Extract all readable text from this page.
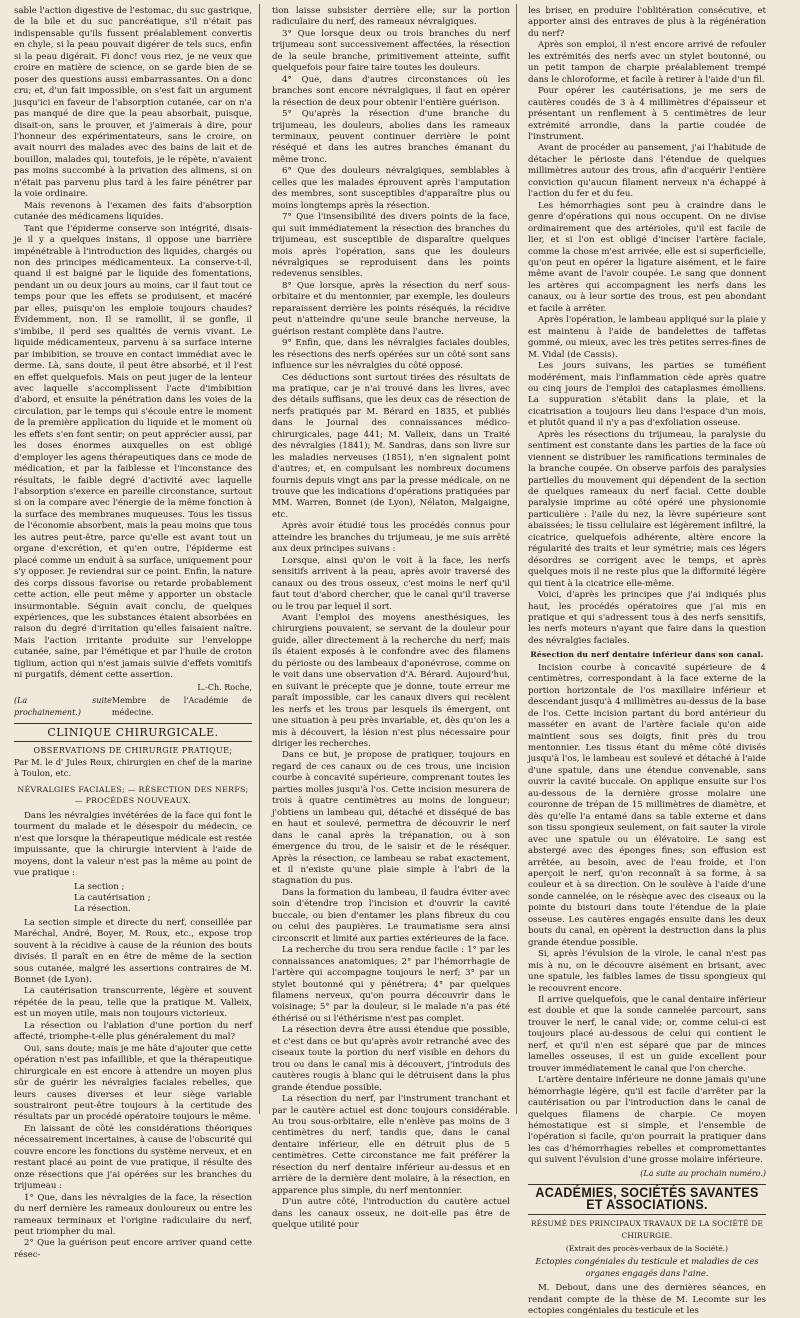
sable l'action digestive de l'estomac, du suc gastrique, de la bile et du suc pancréatique, s'il n'était pas indispensable qu'ils fussent préalablement convertis en chyle, si la peau pouvait digérer de tels sucs, enfin si la peau digérait. Fi donc! vous riez, je ne veux que croire en matière de science, on se garde bien de se poser des questions aussi embarrassantes. On a donc cru; et, d'un fait impossible, on s'est fait un argument jusqu'ici en faveur de l'absorption cutanée, car on n'a pas manqué de dire que la peau absorbait, puisque, disait-on, sans le prouver, et j'aimerais à dire, pour l'honneur des expérimentateurs, sans le croire, on avait nourri des malades avec des bains de lait et de bouillon, malades qui, toutefois, je le répète, n'avaient pas moins succombé à la privation des alimens, si on n'était pas parvenu plus tard à les faire pénétrer par la voie ordinaire.

Mais revenons à l'examen des faits d'absorption cutanée des médicamens liquides.

Tant que l'épiderme conserve son intégrité, disais-je il y a quelques instans, il oppose une barrière impénétrable à l'introduction des liquides, chargés ou non des principes médicamenteux. La conserve-t-il, quand il est baigné par le liquide des fomentations, pendant un ou deux jours au moins, car il faut tout ce temps pour que les effets se produisent, et macéré par elles, puisqu'on les emploie toujours chaudes? Évidemment, non. Il se ramollit, il se gonfle, il s'imbibe, il perd ses qualités de vernis vivant. Le liquide médicamenteux, parvenu à sa surface interne par imbibition, se trouve en contact immédiat avec le derme. Là, sans doute, il peut être absorbé, et il l'est en effet quelquefois. Mais on peut juger de la lenteur avec laquelle s'accomplissent l'acte d'imbibition d'abord, et ensuite la pénétration dans les voies de la circulation, par le temps qui s'écoule entre le moment de la première application du liquide et le moment où les effets s'en font sentir; on peut apprécier aussi, par les doses énormes auxquelles on est obligé d'employer les agens thérapeutiques dans ce mode de médication, et par la faiblesse et l'inconstance des résultats, le faible degré d'activité avec laquelle l'absorption s'exerce en pareille circonstance, surtout si on la compare avec l'énergie de la même fonction à la surface des membranes muqueuses. Tous les tissus de l'économie absorbent, mais la peau moins que tous les autres peut-être, parce qu'elle est avant tout un organe d'excrétion, et qu'en outre, l'épiderme est placé comme un enduit à sa surface, uniquement pour s'y opposer. Je reviendrai sur ce point. Enfin, la nature des corps dissous favorise ou retarde probablement cette action, elle peut même y apporter un obstacle insurmontable. Séguin avait conclu, de quelques expériences, que les substances étaient absorbées en raison du degré d'irritation qu'elles faisaient naître. Mais l'action irritante produite sur l'enveloppe cutanée, saine, par l'émétique et par l'huile de croton tiglium, action qui n'est jamais suivie d'effets vomitifs ni purgatifs, dément cette assertion.

L.-Ch. Roche,
(La suite prochainement.)
Membre de l'Académie de médecine.
CLINIQUE CHIRURGICALE.
OBSERVATIONS DE CHIRURGIE PRATIQUE;
Par M. le d' Jules Roux, chirurgien en chef de la marine à Toulon, etc.
NÉVRALGIES FACIALES; — RÉSECTION DES NERFS; — PROCÉDÉS NOUVEAUX.

Dans les névralgies invétérées de la face qui font le tourment du malade et le désespoir du médecin, ce n'est que lorsque la thérapeutique médicale est restée impuissante, que la chirurgie intervient à l'aide de moyens, dont la valeur n'est pas la même au point de vue pratique :

La section ;
La cautérisation ;
La résection.

La section simple et directe du nerf, conseillée par Maréchal, André, Boyer, M. Roux, etc., expose trop souvent à la récidive à cause de la réunion des bouts divisés. Il paraît en en être de même de la section sous cutanée, malgré les assertions contraires de M. Bonnet (de Lyon).

La cautérisation transcurrente, légère et souvent répétée de la peau, telle que la pratique M. Valleix, est un moyen utile, mais non toujours victorieux.

La résection ou l'ablation d'une portion du nerf affecté, triomphe-t-elle plus généralement du mal?

Oui, sans doute; mais je me hâte d'ajouter que cette opération n'est pas infaillible, et que la thérapeutique chirurgicale en est encore à attendre un moyen plus sûr de guérir les névralgies faciales rebelles, que leurs causes diverses et leur siège variable soustrairont peut-être toujours à la certitude des résultats par un procédé opératoire toujours le même.

En laissant de côté les considérations théoriques nécessairement incertaines, à cause de l'obscurité qui couvre encore les fonctions du système nerveux, et en restant placé au point de vue pratique, il résulte des onze résections que j'ai opérées sur les branches du trijumeau :

1° Que, dans les névralgies de la face, la résection du nerf dernière les rameaux douloureux ou entre les rameaux terminaux et l'origine radiculaire du nerf, peut triompher du mal.

2° Que la guérison peut encore arriver quand cette résec-

tion laisse subsister derrière elle; sur la portion radiculaire du nerf, des rameaux névralgiques.

3° Que lorsque deux ou trois branches du nerf trijumeau sont successivement affectées, la résection de la seule branche, primitivement atteinte, suffit quelquefois pour faire taire toutes les douleurs.

4° Que, dans d'autres circonstances où les branches sont encore névralgiques, il faut en opérer la résection de deux pour obtenir l'entière guérison.

5° Qu'après la résection d'une branche du trijumeau, les douleurs, abolies dans les rameaux terminaux, peuvent continuer derrière le point réséqué et dans les autres branches émanant du même tronc.

6° Que des douleurs névralgiques, semblables à celles que les malades éprouvent après l'amputation des membres, sont susceptibles d'apparaître plus ou moins longtemps après la résection.

7° Que l'insensibilité des divers points de la face, qui suit immédiatement la résection des branches du trijumeau, est susceptible de disparaître quelques mois après l'opération, sans que les douleurs névralgiques se reproduisent dans les points redevenus sensibles.

8° Que lorsque, après la résection du nerf sous-orbitaire et du mentonnier, par exemple, les douleurs reparaissent derrière les points réséqués, la récidive peut n'atteindre qu'une seule branche nerveuse, la guérison restant complète dans l'autre.

9° Enfin, que, dans les névralgies faciales doubles, les résections des nerfs opérées sur un côté sont sans influence sur les névralgies du côté opposé.

Ces déductions sont surtout tirées des résultats de ma pratique, car je n'ai trouvé dans les livres, avec des détails suffisans, que les deux cas de résection de nerfs pratiqués par M. Bérard en 1835, et publiés dans le Journal des connaissances médico-chirurgicales, page 441; M. Valleix, dans un Traité des névralgies (1841); M. Sandras, dans son livre sur les maladies nerveuses (1851), n'en signalent point d'autres; et, en compulsant les nombreux documens fournis depuis vingt ans par la presse médicale, on ne trouve que les indications d'opérations pratiquées par MM. Warren, Bonnet (de Lyon), Nélaton, Malgaigne, etc.

Après avoir étudié tous les procédés connus pour atteindre les branches du trijumeau, je me suis arrêté aux deux principes suivans :

Lorsque, ainsi qu'on le voit à la face, les nerfs sensitifs arrivent à la peau, après avoir traversé des canaux ou des trous osseux, c'est moins le nerf qu'il faut tout d'abord chercher, que le canal qu'il traverse ou le trou par lequel il sort.

Avant l'emploi des moyens anesthésiques, les chirurgiens pouvaient, se servant de la douleur pour guide, aller directement à la recherche du nerf; mais ils étaient exposés à le confondre avec des filamens du périoste ou des lambeaux d'aponévrose, comme on le voit dans une observation d'A. Bérard. Aujourd'hui, en suivant le précepte que je donne, toute erreur me paraît impossible, car les canaux divers qui recèlent les nerfs et les trous par lesquels ils émergent, ont une situation à peu près invariable, et, dès qu'on les a mis à découvert, la lésion n'est plus nécessaire pour diriger les recherches.

Dans ce but, je propose de pratiquer, toujours en regard de ces canaux ou de ces trous, une incision courbe à concavité supérieure, comprenant toutes les parties molles jusqu'à l'os. Cette incision mesurera de trois à quatre centimètres au moins de longueur; j'obtiens un lambeau qui, détaché et disséqué de bas en haut et soulevé, permettra de découvrir le nerf dans le canal après la trépanation, ou à son émergence du trou, de le saisir et de le réséquer. Après la résection, ce lambeau se rabat exactement, et il n'existe qu'une plaie simple à l'abri de la stagnation du pus.

Dans la formation du lambeau, il faudra éviter avec soin d'étendre trop l'incision et d'ouvrir la cavité buccale, ou bien d'entamer les plans fibreux du cou ou celui des paupières. Le traumatisme sera ainsi circonscrit et limité aux parties extérieures de la face.

La recherche du trou sera rendue facile : 1° par les connaissances anatomiques; 2° par l'hémorrhagie de l'artère qui accompagne toujours le nerf; 3° par un stylet boutonné qui y pénétrera; 4° par quelques filamens nerveux, qu'on pourra découvrir dans le voisinage; 5° par la douleur, si le malade n'a pas été éthérisé ou si l'éthérisme n'est pas complet.

La résection devra être aussi étendue que possible, et c'est dans ce but qu'après avoir retranché avec des ciseaux toute la portion du nerf visible en dehors du trou ou dans le canal mis à découvert, j'introduis des cautères rougis à blanc qui le détruisent dans la plus grande étendue possible.

La résection du nerf, par l'instrument tranchant et par le cautère actuel est donc toujours considérable. Au trou sous-orbitaire, elle n'enlève pas moins de 3 centimètres du nerf, tandis que, dans le canal dentaire inférieur, elle en détruit plus de 5 centimètres. Cette circonstance me fait préférer la résection du nerf dentaire inférieur au-dessus et en arrière de la dernière dent molaire, à la résection, en apparence plus simple, du nerf mentonnier.

D'un autre côté, l'introduction du cautère actuel dans les canaux osseux, ne doit-elle pas être de quelque utilité pour

les briser, en produire l'oblitération consécutive, et apporter ainsi des entraves de plus à la régénération du nerf?

Après son emploi, il n'est encore arrivé de refouler les extrémités des nerfs avec un stylet boutonné, ou un petit tampon de charpie préalablement trempé dans le chloroforme, et facile à retirer à l'aide d'un fil.

Pour opérer les cautérisations, je me sers de cautères coudés de 3 à 4 millimètres d'épaisseur et présentant un renflement à 5 centimètres de leur extrémité arrondie, dans la partie coudée de l'instrument.

Avant de procéder au pansement, j'ai l'habitude de détacher le périoste dans l'étendue de quelques millimètres autour des trous, afin d'acquérir l'entière conviction qu'aucun filament nerveux n'a échappé à l'action du fer et du feu.

Les hémorrhagies sont peu à craindre dans le genre d'opérations qui nous occupent. On ne divise ordinairement que des artérioles, qu'il est facile de lier, et si l'on est obligé d'inciser l'artère faciale, comme la chose m'est arrivée, elle est si superficielle, qu'on peut en opérer la ligature aisément, et le faire même avant de l'avoir coupée. Le sang que donnent les artères qui accompagnent les nerfs dans les canaux, ou à leur sortie des trous, est peu abondant et facile à arrêter.

Après l'opération, le lambeau appliqué sur la plaie y est maintenu à l'aide de bandelettes de taffetas gommé, ou mieux, avec les très petites serres-fines de M. Vidal (de Cassis).

Les jours suivans, les parties se tuméfient modérément, mais l'inflammation cède après quatre ou cinq jours de l'emploi des cataplasmes émolliens. La suppuration s'établit dans la plaie, et la cicatrisation a toujours lieu dans l'espace d'un mois, et plutôt quand il n'y a pas d'exfoliation osseuse.

Après les résections du trijumeau, la paralysie du sentiment est constante dans les parties de la face où viennent se distribuer les ramifications terminales de la branche coupée. On observe parfois des paralysies partielles du mouvement qui dépendent de la section de quelques rameaux du nerf facial. Cette double paralysie imprime au côté opéré une physionomie particulière : l'aile du nez, la lèvre supérieure sont abaissées; le tissu cellulaire est légèrement infiltré, la cicatrice, quelquefois adhérente, altère encore la régularité des traits et leur symétrie; mais ces légers désordres se corrigent avec le temps, et après quelques mois il ne reste plus que la difformité légère qui tient à la cicatrice elle-même.

Voici, d'après les principes que j'ai indiqués plus haut, les procédés opératoires que j'ai mis en pratique et qui s'adressent tous à des nerfs sensitifs, les nerfs moteurs n'ayant que faire dans la question des névralgies faciales.

Résection du nerf dentaire inférieur dans son canal.

Incision courbe à concavité supérieure de 4 centimètres, correspondant à la face externe de la portion horizontale de l'os maxillaire inférieur et descendant jusqu'à 4 millimètres au-dessus de la base de l'os. Cette incision partant du bord antérieur du masséter en avant de l'artère faciale qu'on aide maintient sous ses doigts, finit près du trou mentonnier. Les tissus étant du même côté divisés jusqu'à l'os, le lambeau est soulevé et détaché à l'aide d'une spatule, dans une étendue convenable, sans ouvrir la cavité buccale. On applique ensuite sur l'os au-dessous de la dernière grosse molaire une couronne de trépan de 15 millimètres de diamètre, et dès qu'elle l'a entamé dans sa table externe et dans son tissu spongieux seulement, on fait sauter la virole avec une spatule ou un élévatoire. Le sang est abstergé avec des éponges fines; son effusion est arrêtée, au besoin, avec de l'eau froide, et l'on aperçoit le nerf, qu'on reconnaît à sa forme, à sa couleur et à sa direction. On le soulève à l'aide d'une sonde cannelée, on le résèque avec des ciseaux ou la pointe du bistouri dans toute l'étendue de la plaie osseuse. Les cautères engagés ensuite dans les deux bouts du canal, en opèrent la destruction dans la plus grande étendue possible.

Si, après l'évulsion de la virole, le canal n'est pas mis à nu, on le découvre aisément en brisant, avec une spatule, les faibles lames de tissu spongieux qui le recouvrent encore.

Il arrive quelquefois, que le canal dentaire inférieur est double et que la sonde cannelée parcourt, sans trouver le nerf, le canal vide; or, comme celui-ci est toujours placé au-dessous de celui qui contient le nerf, et qu'il n'en est séparé que par de minces lamelles osseuses, il est un guide excellent pour trouver immédiatement le canal que l'on cherche.

L'artère dentaire inférieure ne donne jamais qu'une hémorrhagie légère, qu'il est facile d'arrêter par la cautérisation ou par l'introduction dans le canal de quelques filamens de charpie. Ce moyen hémostatique est si simple, et l'ensemble de l'opération si facile, qu'on pourrait la pratiquer dans les cas d'hémorrhagies rebelles et compromettantes qui suivent l'évulsion d'une grosse molaire inférieure.

(La suite au prochain numéro.)
ACADÉMIES, SOCIÉTÉS SAVANTES ET ASSOCIATIONS.
RÉSUMÉ DES PRINCIPAUX TRAVAUX DE LA SOCIÉTÉ DE CHIRURGIE.
(Extrait des procès-verbaux de la Société.)
Ectopies congéniales du testicule et maladies de ces organes engagés dans l'aine.

M. Debout, dans une des dernières séances, en rendant compte de la thèse de M. Lecomte sur les ectopies congéniales du testicule et les
